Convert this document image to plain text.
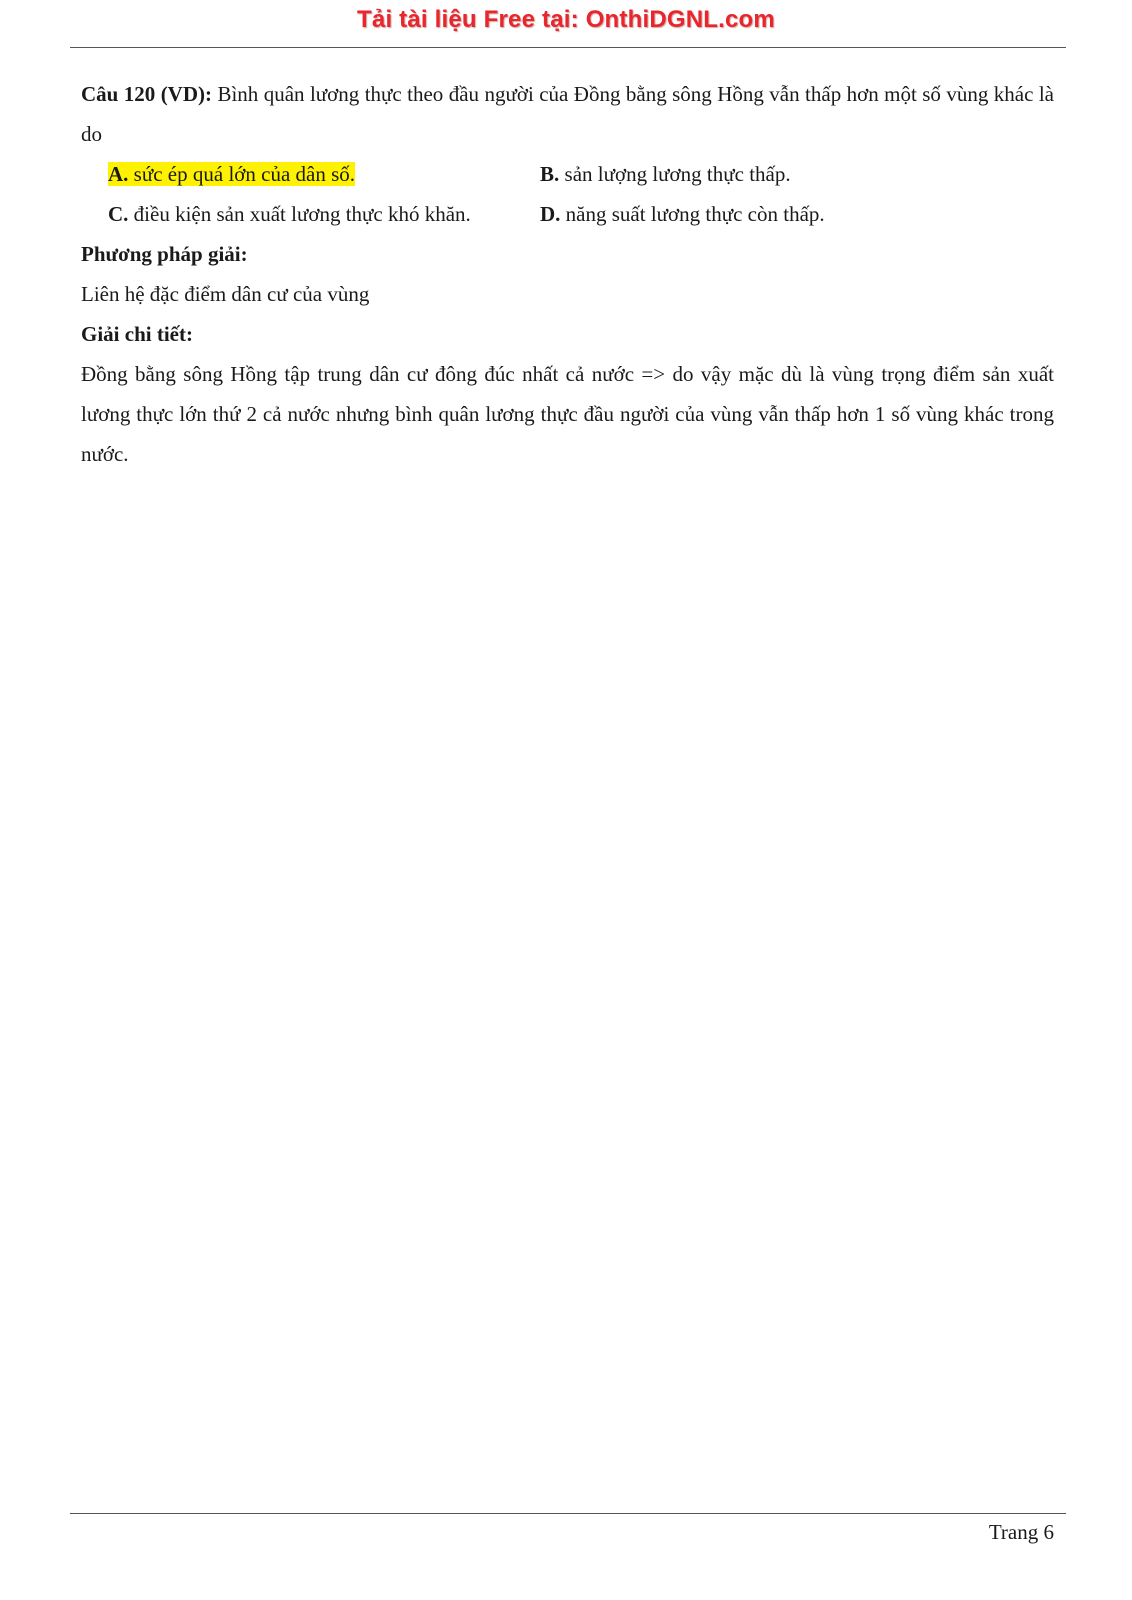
Tải tài liệu Free tại: OnthiDGNL.com

Câu 120 (VD): Bình quân lương thực theo đầu người của Đồng bằng sông Hồng vẫn thấp hơn một số vùng khác là do

A. sức ép quá lớn của dân số.	B. sản lượng lương thực thấp.
C. điều kiện sản xuất lương thực khó khăn.	D. năng suất lương thực còn thấp.

Phương pháp giải:

Liên hệ đặc điểm dân cư của vùng

Giải chi tiết:

Đồng bằng sông Hồng tập trung dân cư đông đúc nhất cả nước => do vậy mặc dù là vùng trọng điểm sản xuất lương thực lớn thứ 2 cả nước nhưng bình quân lương thực đầu người của vùng vẫn thấp hơn 1 số vùng khác trong nước.

Trang 6
